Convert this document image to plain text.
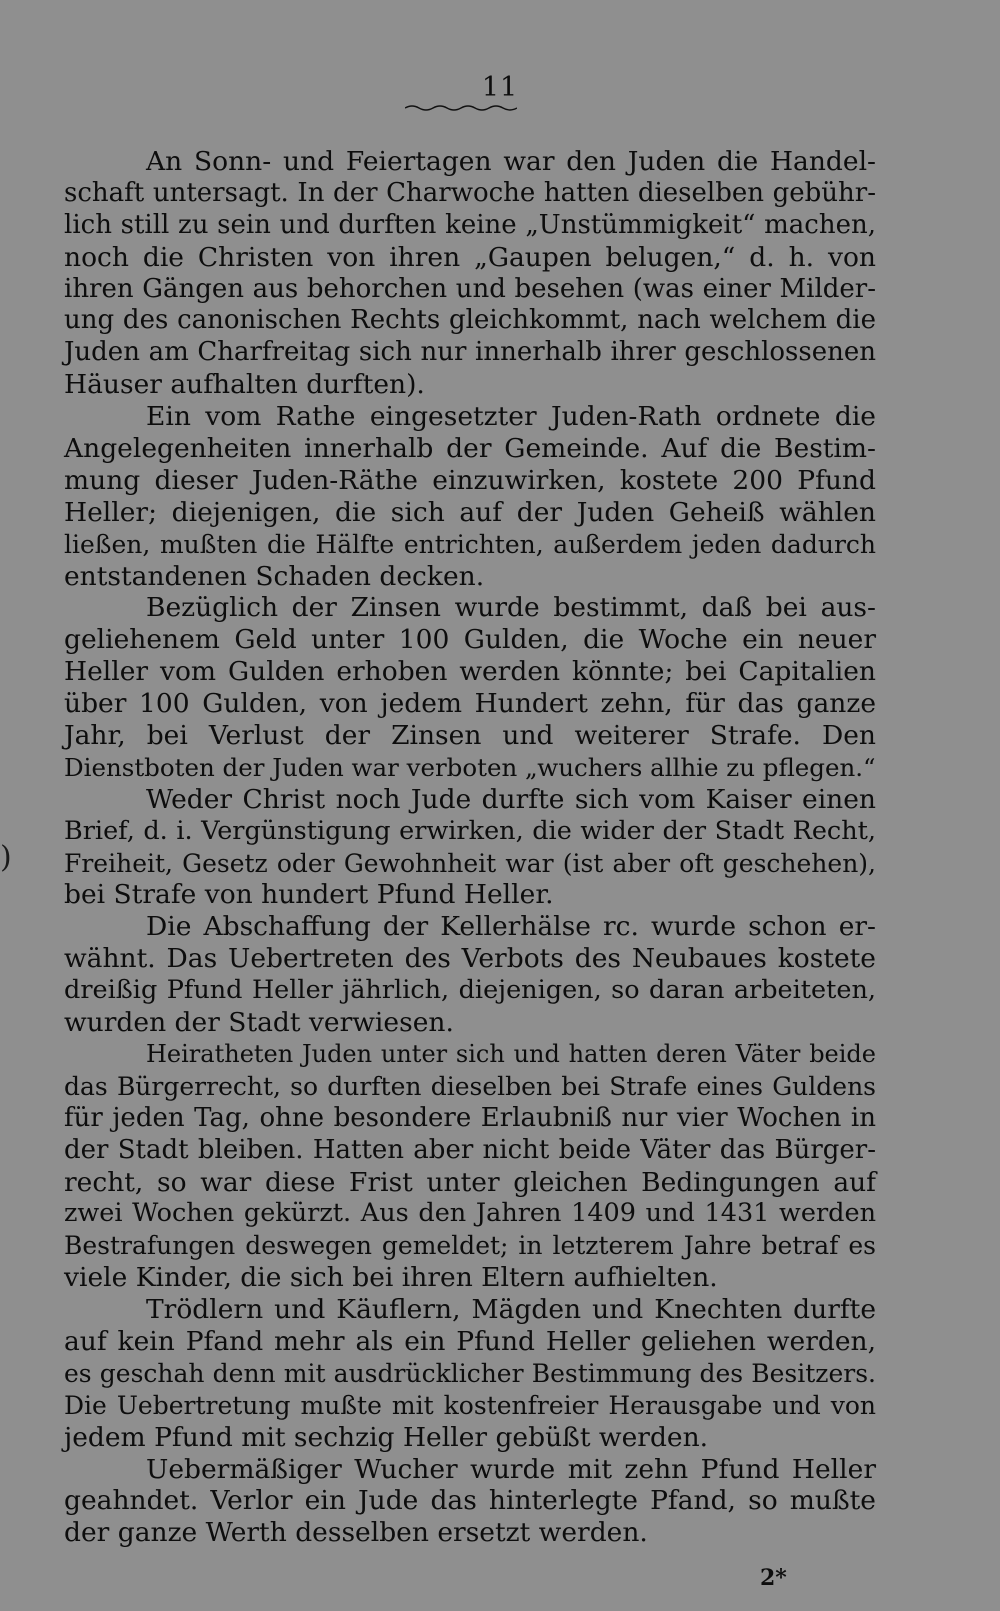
11
)
An Sonn- und Feiertagen war den Juden die Handel-
schaft untersagt. In der Charwoche hatten dieselben gebühr-
lich still zu sein und durften keine „Unstümmigkeit“ machen,
noch die Christen von ihren „Gaupen belugen,“ d. h. von
ihren Gängen aus behorchen und besehen (was einer Milder-
ung des canonischen Rechts gleichkommt, nach welchem die
Juden am Charfreitag sich nur innerhalb ihrer geschlossenen
Häuser aufhalten durften).
Ein vom Rathe eingesetzter Juden-Rath ordnete die
Angelegenheiten innerhalb der Gemeinde. Auf die Bestim-
mung dieser Juden-Räthe einzuwirken, kostete 200 Pfund
Heller; diejenigen, die sich auf der Juden Geheiß wählen
ließen, mußten die Hälfte entrichten, außerdem jeden dadurch
entstandenen Schaden decken.
Bezüglich der Zinsen wurde bestimmt, daß bei aus-
geliehenem Geld unter 100 Gulden, die Woche ein neuer
Heller vom Gulden erhoben werden könnte; bei Capitalien
über 100 Gulden, von jedem Hundert zehn, für das ganze
Jahr, bei Verlust der Zinsen und weiterer Strafe. Den
Dienstboten der Juden war verboten „wuchers allhie zu pflegen.“
Weder Christ noch Jude durfte sich vom Kaiser einen
Brief, d. i. Vergünstigung erwirken, die wider der Stadt Recht,
Freiheit, Gesetz oder Gewohnheit war (ist aber oft geschehen),
bei Strafe von hundert Pfund Heller.
Die Abschaffung der Kellerhälse rc. wurde schon er-
wähnt. Das Uebertreten des Verbots des Neubaues kostete
dreißig Pfund Heller jährlich, diejenigen, so daran arbeiteten,
wurden der Stadt verwiesen.
Heiratheten Juden unter sich und hatten deren Väter beide
das Bürgerrecht, so durften dieselben bei Strafe eines Guldens
für jeden Tag, ohne besondere Erlaubniß nur vier Wochen in
der Stadt bleiben. Hatten aber nicht beide Väter das Bürger-
recht, so war diese Frist unter gleichen Bedingungen auf
zwei Wochen gekürzt. Aus den Jahren 1409 und 1431 werden
Bestrafungen deswegen gemeldet; in letzterem Jahre betraf es
viele Kinder, die sich bei ihren Eltern aufhielten.
Trödlern und Käuflern, Mägden und Knechten durfte
auf kein Pfand mehr als ein Pfund Heller geliehen werden,
es geschah denn mit ausdrücklicher Bestimmung des Besitzers.
Die Uebertretung mußte mit kostenfreier Herausgabe und von
jedem Pfund mit sechzig Heller gebüßt werden.
Uebermäßiger Wucher wurde mit zehn Pfund Heller
geahndet. Verlor ein Jude das hinterlegte Pfand, so mußte
der ganze Werth desselben ersetzt werden.
2*
